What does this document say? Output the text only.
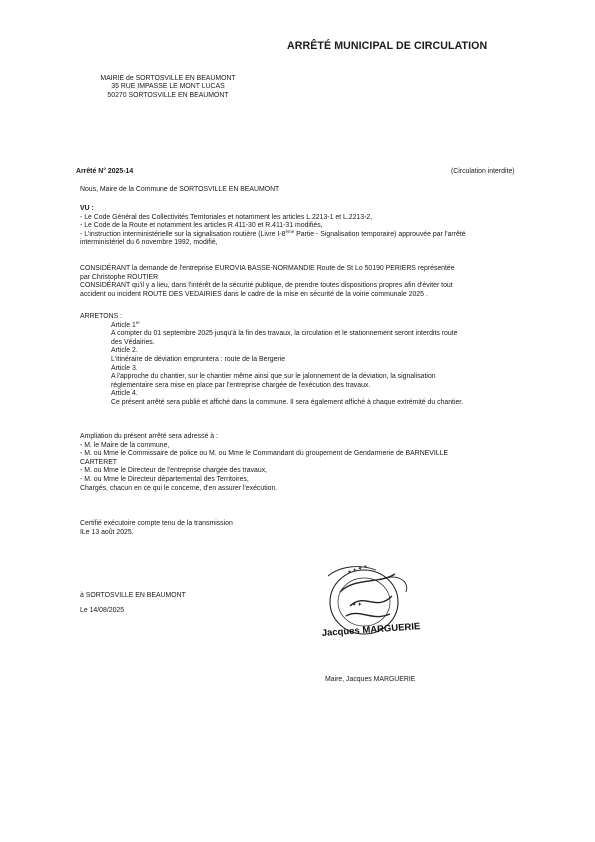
ARRÊTÉ MUNICIPAL DE CIRCULATION
MAIRIE de SORTOSVILLE EN BEAUMONT
35 RUE IMPASSE LE MONT LUCAS
50270 SORTOSVILLE EN BEAUMONT
Arrêté N° 2025-14	(Circulation interdite)

Nous, Maire de la Commune de SORTOSVILLE EN BEAUMONT

VU :

- Le Code Général des Collectivités Territoriales et notamment les articles L.2213-1 et L.2213-2,

- Le Code de la Route et notamment les articles R.411-30 et R.411-31 modifiés,

- L'instruction interministérielle sur la signalisation routière (Livre I-8ème Partie - Signalisation temporaire) approuvée par l'arrêté

interministériel du 6 novembre 1992, modifié,

CONSIDÉRANT la demande de l'entreprise EUROVIA BASSE-NORMANDIE Route de St Lo 50190 PERIERS représentée

par Christophe ROUTIER

CONSIDÉRANT qu'il y a lieu, dans l'intérêt de la sécurité publique, de prendre toutes dispositions propres afin d'éviter tout

accident ou incident ROUTE DES VEDAIRIES dans le cadre de la mise en sécurité de la voirie communale 2025 .

ARRETONS :

Article 1er

A compter du 01 septembre 2025 jusqu'à la fin des travaux, la circulation et le stationnement seront interdits route

des Védairies.

Article 2.

L'itinéraire de déviation empruntera : route de la Bergerie

Article 3.

A l'approche du chantier, sur le chantier même ainsi que sur le jalonnement de la déviation, la signalisation

réglementaire sera mise en place par l'entreprise chargée de l'exécution des travaux.

Article 4.

Ce présent arrêté sera publié et affiché dans la commune. Il sera également affiché à chaque extrémité du chantier.

Ampliation du présent arrêté sera adressé à :

- M. le Maire de la commune,

- M. ou Mme le Commissaire de police ou M. ou Mme le Commandant du groupement de Gendarmerie de BARNEVILLE

CARTERET

- M. ou Mme le Directeur de l'entreprise chargée des travaux,

- M. ou Mme le Directeur départemental des Territoires,

Chargés, chacun en ce qui le concerne, d'en assurer l'exécution.

Certifié exécutoire compte tenu de la transmission

ILe 13 août 2025.

à SORTOSVILLE EN BEAUMONT
Le 14/08/2025
✦ ✦ ✦ ✦
✦ ✦
Jacques MARGUERIE
Maire, Jacques MARGUERIE
